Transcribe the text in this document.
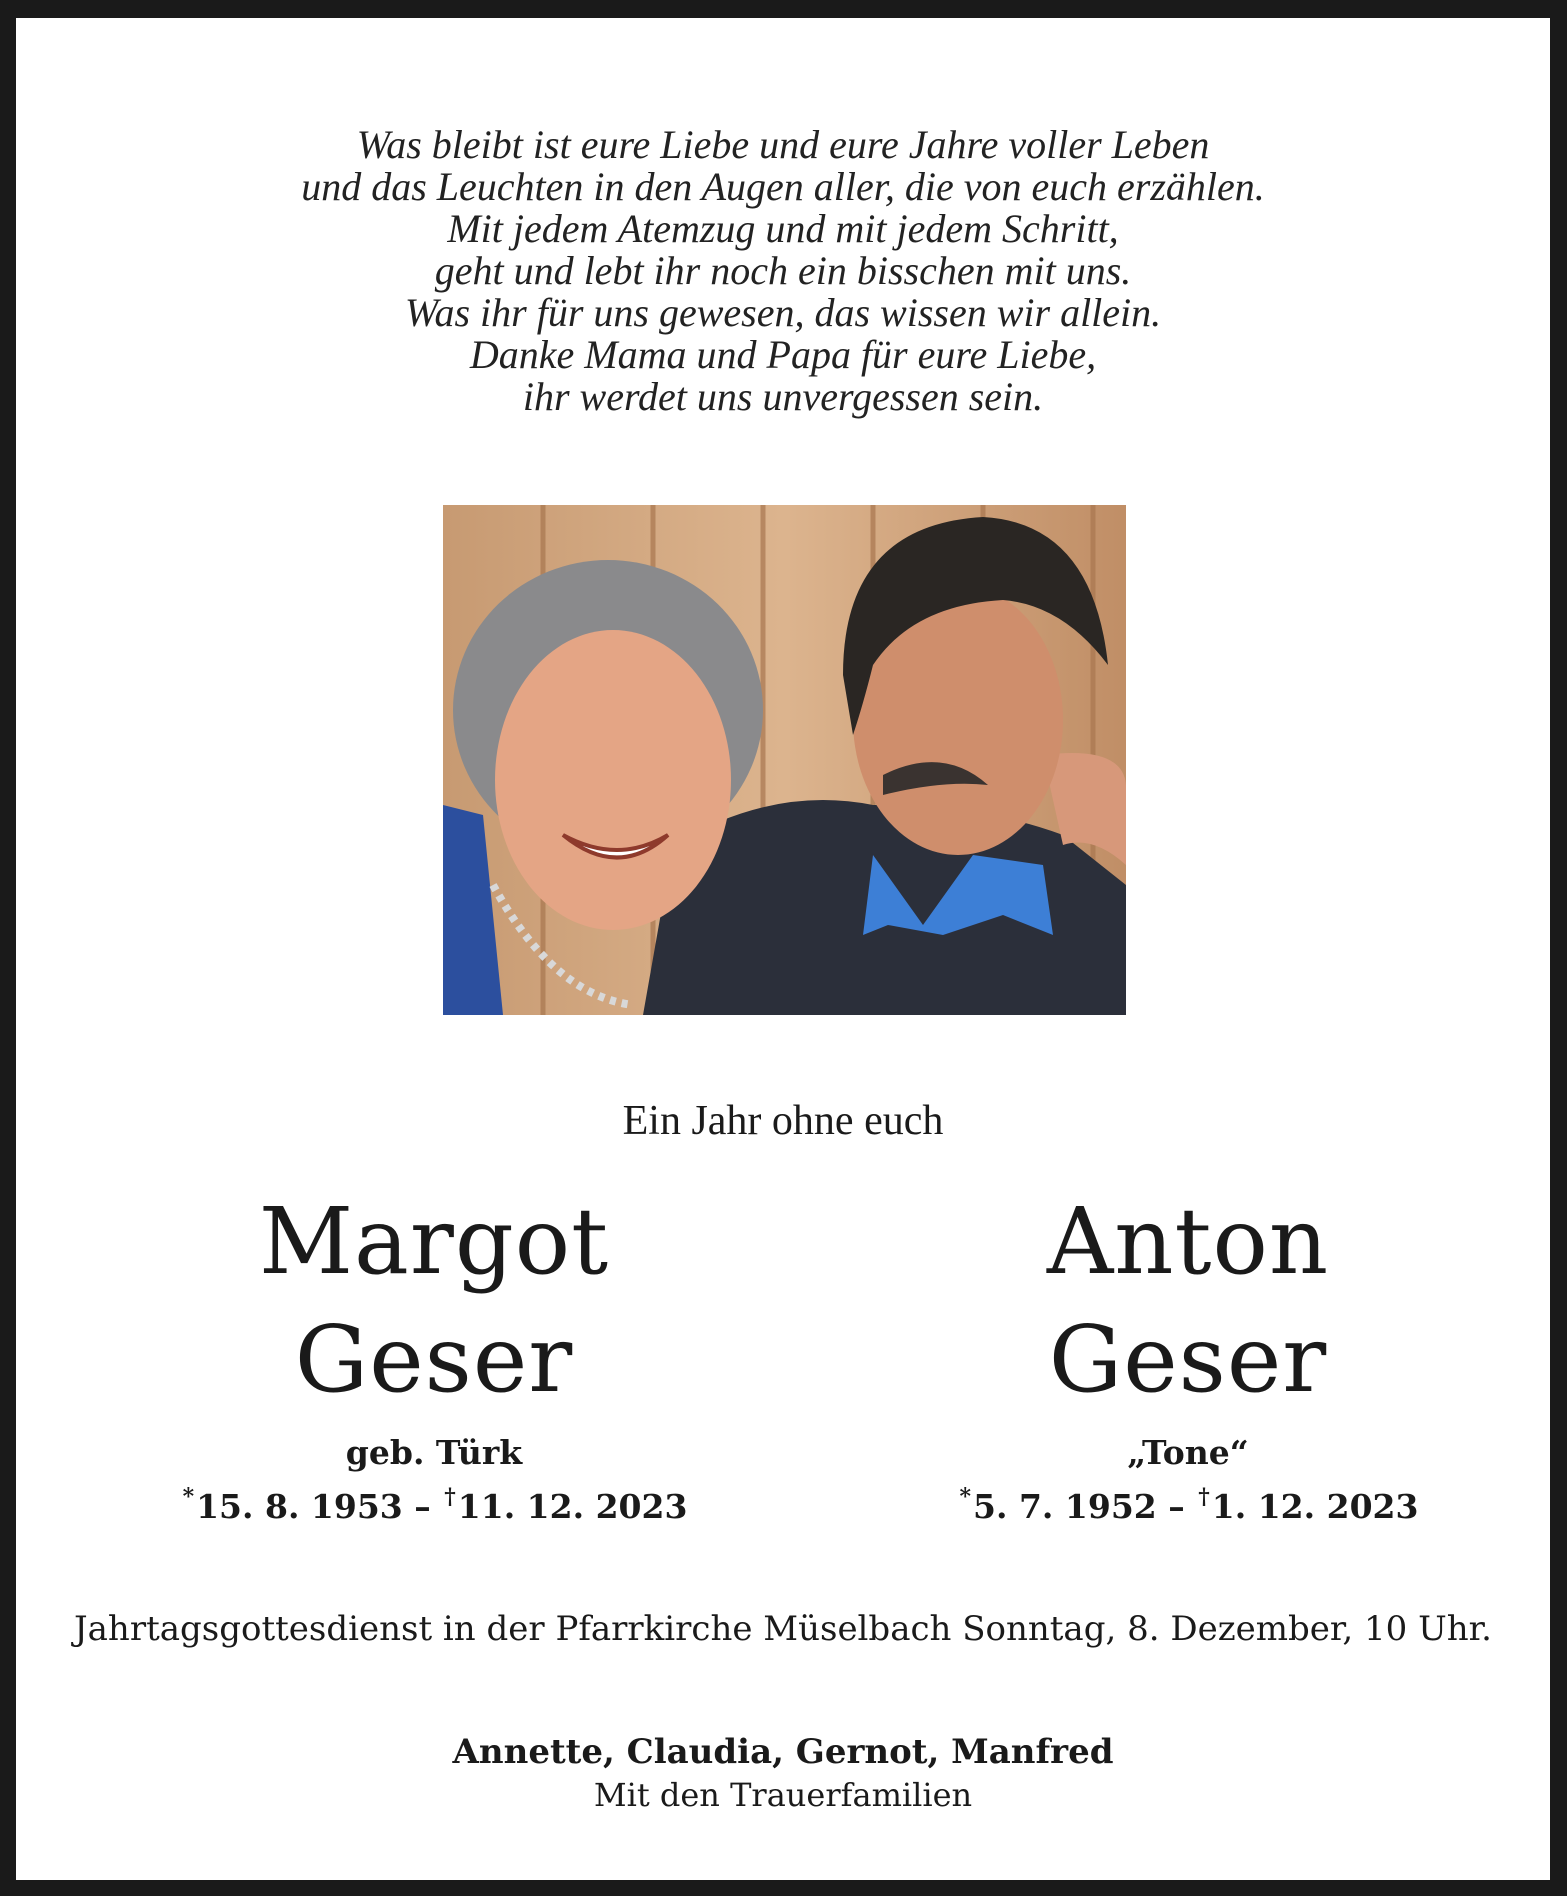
Was bleibt ist eure Liebe und eure Jahre voller Leben
und das Leuchten in den Augen aller, die von euch erzählen.
Mit jedem Atemzug und mit jedem Schritt,
geht und lebt ihr noch ein bisschen mit uns.
Was ihr für uns gewesen, das wissen wir allein.
Danke Mama und Papa für eure Liebe,
ihr werdet uns unvergessen sein.
Ein Jahr ohne euch
Margot
Geser
geb. Türk
*15. 8. 1953 – †11. 12. 2023
Anton
Geser
„Tone“
*5. 7. 1952 – †1. 12. 2023
Jahrtagsgottesdienst in der Pfarrkirche Müselbach Sonntag, 8. Dezember, 10 Uhr.
Annette, Claudia, Gernot, Manfred
Mit den Trauerfamilien
